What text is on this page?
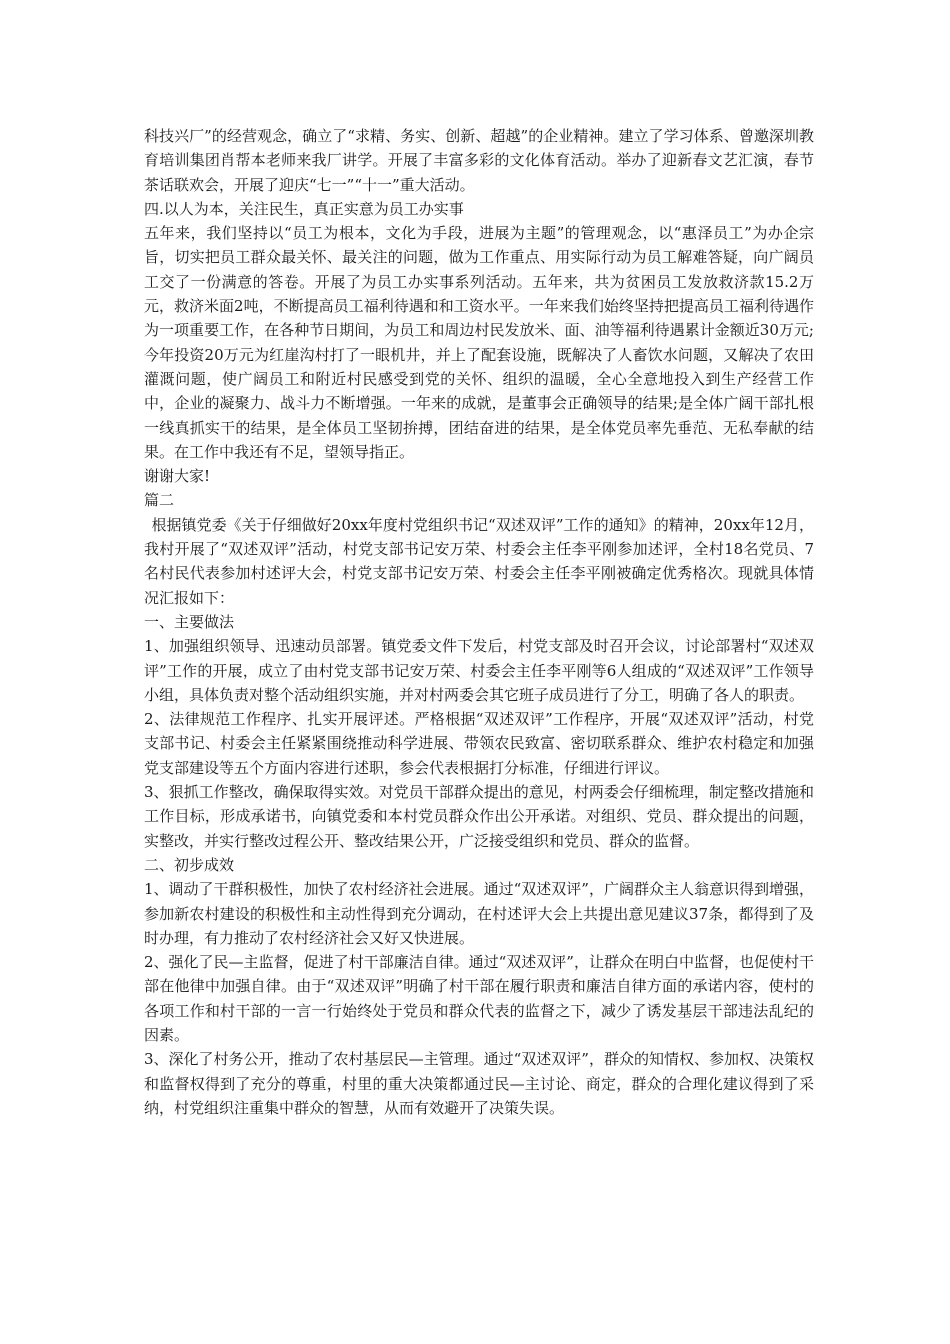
科技兴厂”的经营观念，确立了“求精、务实、创新、超越”的企业精神。建立了学习体系、曾邀深圳教育培训集团肖帮本老师来我厂讲学。开展了丰富多彩的文化体育活动。举办了迎新春文艺汇演，春节茶话联欢会，开展了迎庆“七一”“十一”重大活动。

四.以人为本，关注民生，真正实意为员工办实事

五年来，我们坚持以“员工为根本，文化为手段，进展为主题”的管理观念，以“惠泽员工”为办企宗旨，切实把员工群众最关怀、最关注的问题，做为工作重点、用实际行动为员工解难答疑，向广阔员工交了一份满意的答卷。开展了为员工办实事系列活动。五年来，共为贫困员工发放救济款15.2万元，救济米面2吨，不断提高员工福利待遇和和工资水平。一年来我们始终坚持把提高员工福利待遇作为一项重要工作，在各种节日期间，为员工和周边村民发放米、面、油等福利待遇累计金额近30万元;今年投资20万元为红崖沟村打了一眼机井，并上了配套设施，既解决了人畜饮水问题，又解决了农田灌溉问题，使广阔员工和附近村民感受到党的关怀、组织的温暖，全心全意地投入到生产经营工作中，企业的凝聚力、战斗力不断增强。一年来的成就，是董事会正确领导的结果;是全体广阔干部扎根一线真抓实干的结果，是全体员工坚韧拚搏，团结奋进的结果，是全体党员率先垂范、无私奉献的结果。在工作中我还有不足，望领导指正。

谢谢大家!

篇二

根据镇党委《关于仔细做好20xx年度村党组织书记“双述双评”工作的通知》的精神，20xx年12月，我村开展了“双述双评”活动，村党支部书记安万荣、村委会主任李平刚参加述评，全村18名党员、7名村民代表参加村述评大会，村党支部书记安万荣、村委会主任李平刚被确定优秀格次。现就具体情况汇报如下：

一、主要做法

1、加强组织领导、迅速动员部署。镇党委文件下发后，村党支部及时召开会议，讨论部署村“双述双评”工作的开展，成立了由村党支部书记安万荣、村委会主任李平刚等6人组成的“双述双评”工作领导小组，具体负责对整个活动组织实施，并对村两委会其它班子成员进行了分工，明确了各人的职责。

2、法律规范工作程序、扎实开展评述。严格根据“双述双评”工作程序，开展“双述双评”活动，村党支部书记、村委会主任紧紧围绕推动科学进展、带领农民致富、密切联系群众、维护农村稳定和加强党支部建设等五个方面内容进行述职，参会代表根据打分标准，仔细进行评议。

3、狠抓工作整改，确保取得实效。对党员干部群众提出的意见，村两委会仔细梳理，制定整改措施和工作目标，形成承诺书，向镇党委和本村党员群众作出公开承诺。对组织、党员、群众提出的问题，实整改，并实行整改过程公开、整改结果公开，广泛接受组织和党员、群众的监督。

二、初步成效

1、调动了干群积极性，加快了农村经济社会进展。通过“双述双评”，广阔群众主人翁意识得到增强，参加新农村建设的积极性和主动性得到充分调动，在村述评大会上共提出意见建议37条，都得到了及时办理，有力推动了农村经济社会又好又快进展。

2、强化了民—主监督，促进了村干部廉洁自律。通过“双述双评”，让群众在明白中监督，也促使村干部在他律中加强自律。由于“双述双评”明确了村干部在履行职责和廉洁自律方面的承诺内容，使村的各项工作和村干部的一言一行始终处于党员和群众代表的监督之下，减少了诱发基层干部违法乱纪的因素。

3、深化了村务公开，推动了农村基层民—主管理。通过“双述双评”，群众的知情权、参加权、决策权和监督权得到了充分的尊重，村里的重大决策都通过民—主讨论、商定，群众的合理化建议得到了采纳，村党组织注重集中群众的智慧，从而有效避开了决策失误。
